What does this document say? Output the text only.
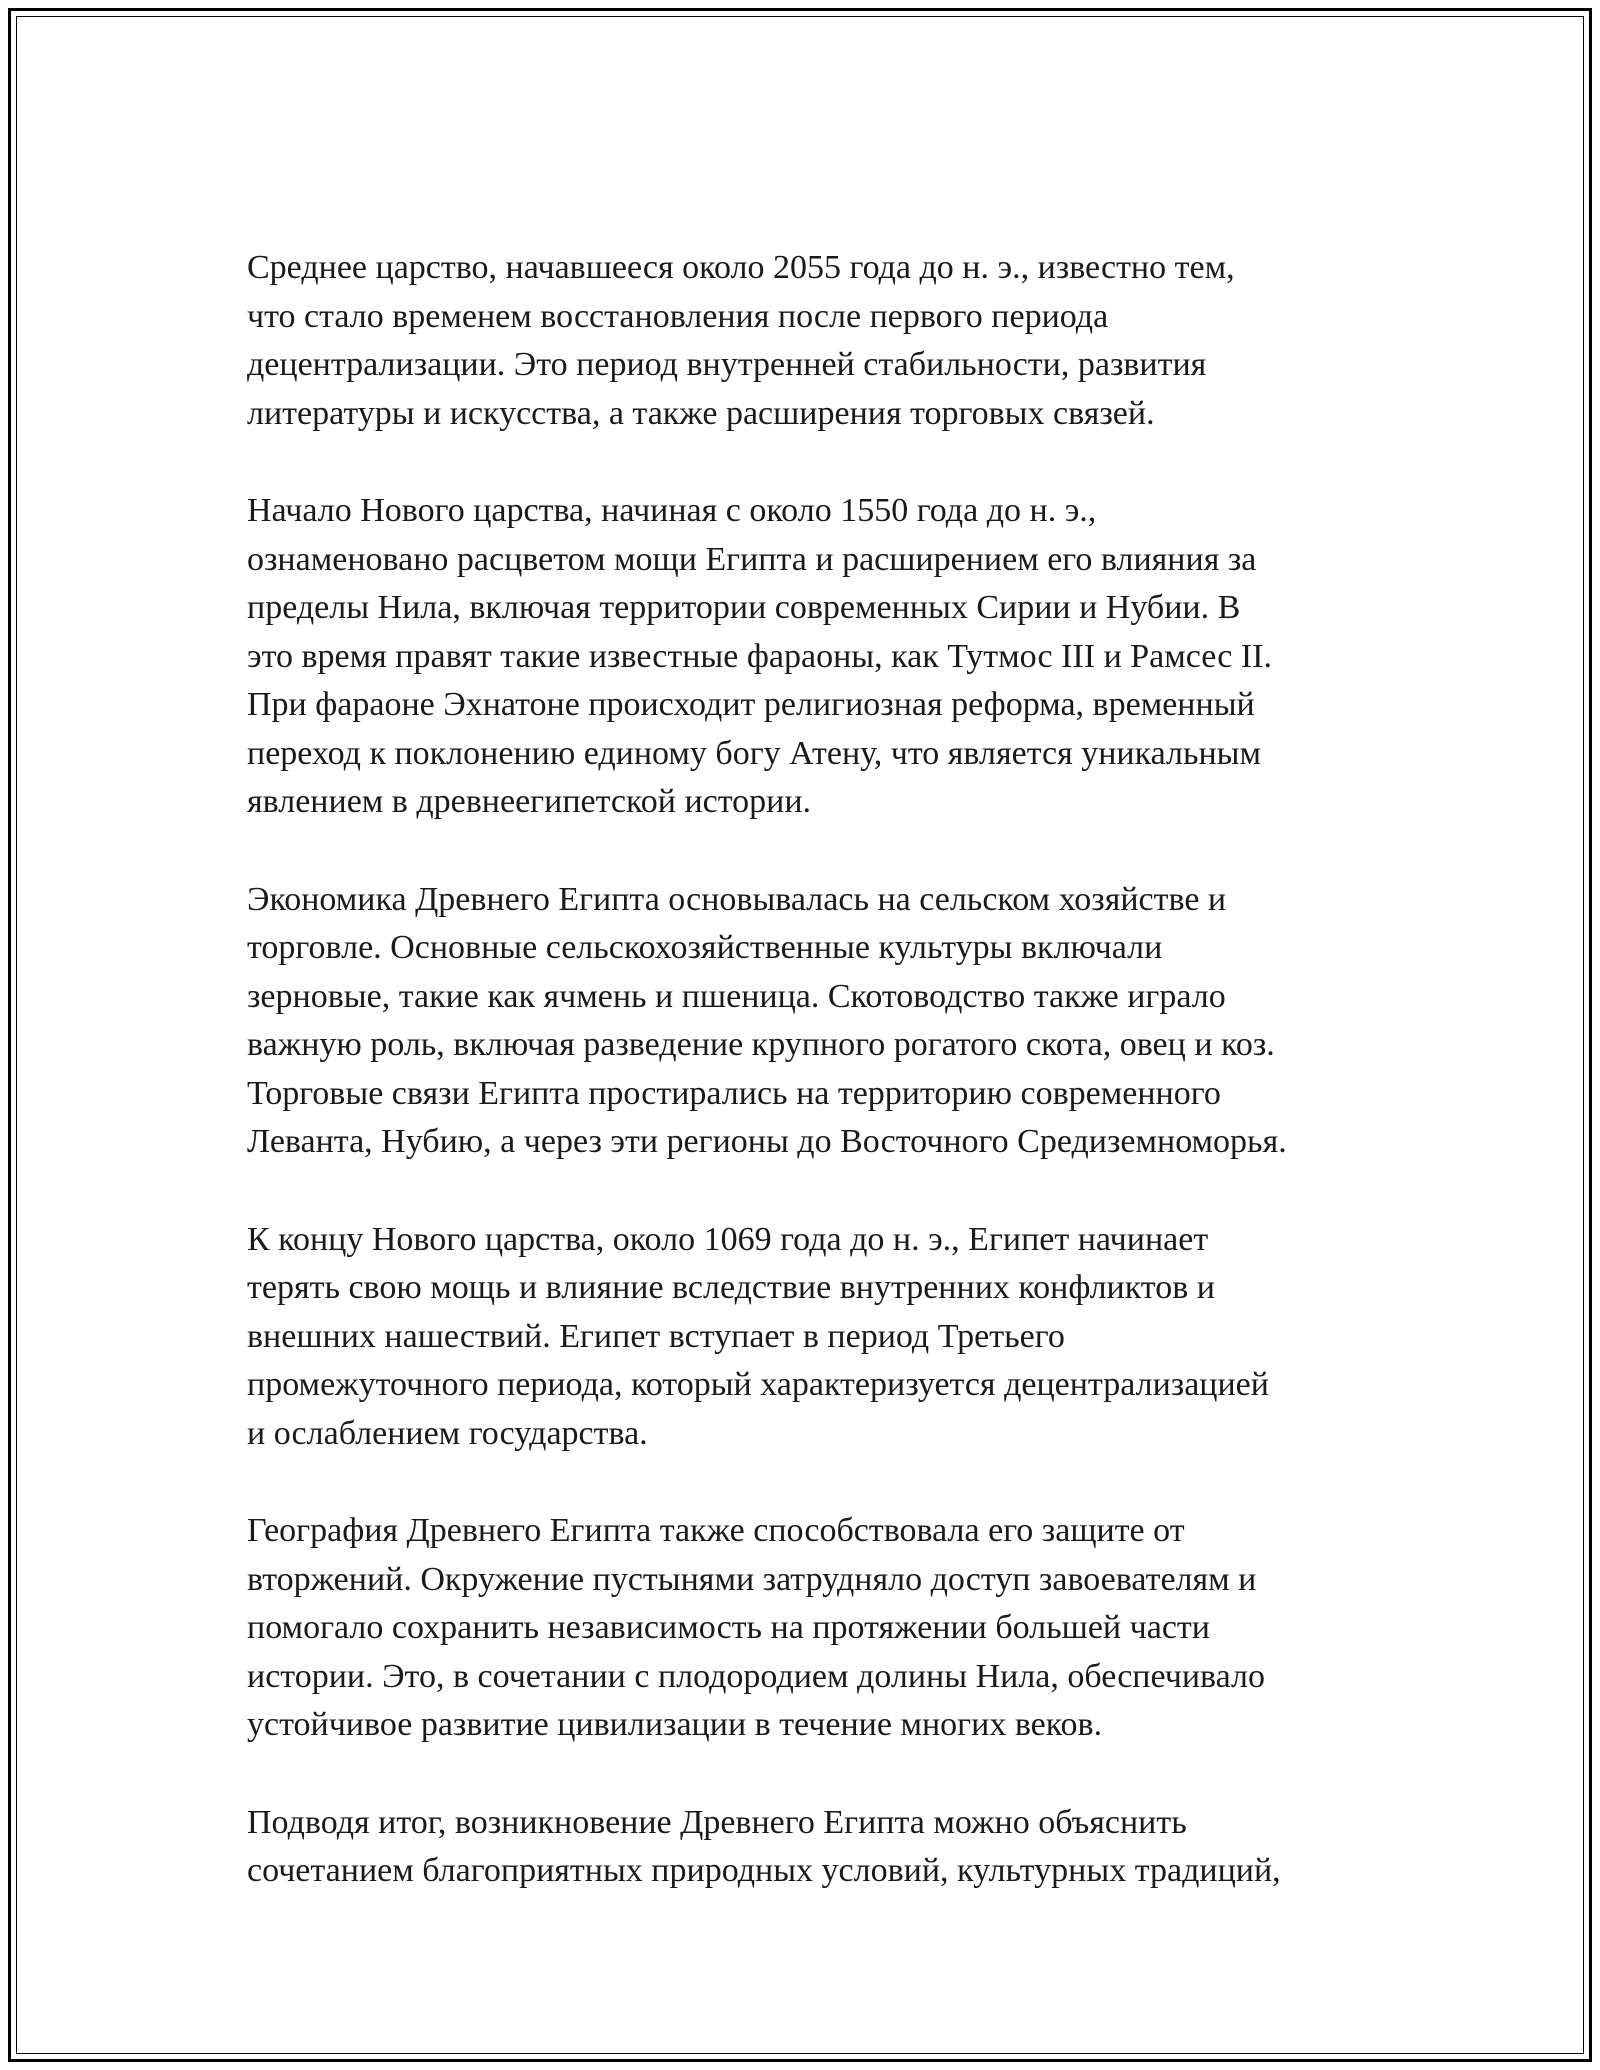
Среднее царство, начавшееся около 2055 года до н. э., известно тем,
что стало временем восстановления после первого периода
децентрализации. Это период внутренней стабильности, развития
литературы и искусства, а также расширения торговых связей.

Начало Нового царства, начиная с около 1550 года до н. э.,
ознаменовано расцветом мощи Египта и расширением его влияния за
пределы Нила, включая территории современных Сирии и Нубии. В
это время правят такие известные фараоны, как Тутмос III и Рамсес II.
При фараоне Эхнатоне происходит религиозная реформа, временный
переход к поклонению единому богу Атену, что является уникальным
явлением в древнеегипетской истории.

Экономика Древнего Египта основывалась на сельском хозяйстве и
торговле. Основные сельскохозяйственные культуры включали
зерновые, такие как ячмень и пшеница. Скотоводство также играло
важную роль, включая разведение крупного рогатого скота, овец и коз.
Торговые связи Египта простирались на территорию современного
Леванта, Нубию, а через эти регионы до Восточного Средиземноморья.

К концу Нового царства, около 1069 года до н. э., Египет начинает
терять свою мощь и влияние вследствие внутренних конфликтов и
внешних нашествий. Египет вступает в период Третьего
промежуточного периода, который характеризуется децентрализацией
и ослаблением государства.

География Древнего Египта также способствовала его защите от
вторжений. Окружение пустынями затрудняло доступ завоевателям и
помогало сохранить независимость на протяжении большей части
истории. Это, в сочетании с плодородием долины Нила, обеспечивало
устойчивое развитие цивилизации в течение многих веков.

Подводя итог, возникновение Древнего Египта можно объяснить
сочетанием благоприятных природных условий, культурных традиций,
